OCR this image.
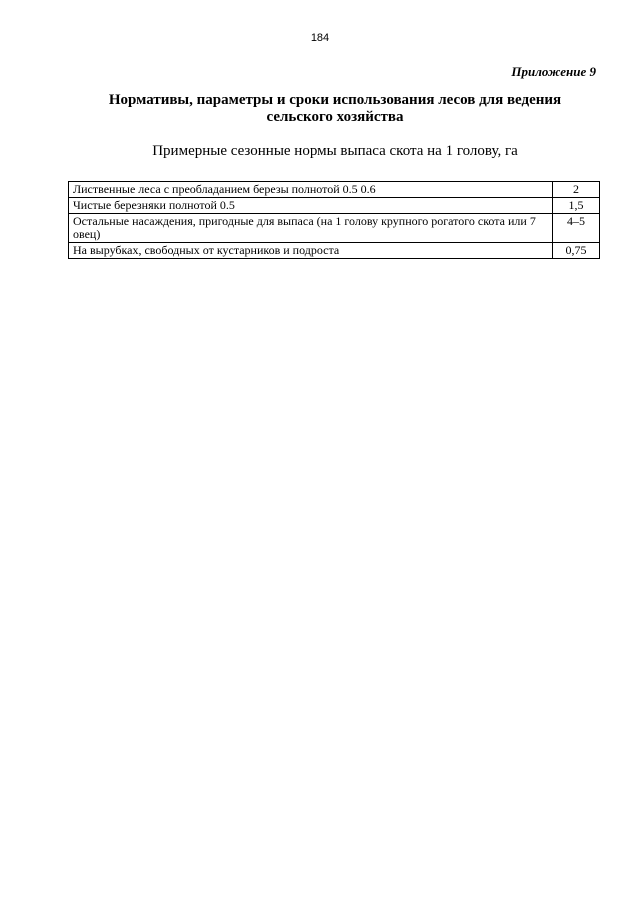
184
Приложение 9
Нормативы, параметры и сроки использования лесов для ведения сельского хозяйства
Примерные сезонные нормы выпаса скота на 1 голову, га
Лиственные леса с преобладанием березы полнотой 0.5 0.6	2
Чистые березняки полнотой 0.5	1,5
Остальные насаждения, пригодные для выпаса (на 1 голову крупного рогатого скота или 7 овец)	4–5
На вырубках, свободных от кустарников и подроста	0,75
